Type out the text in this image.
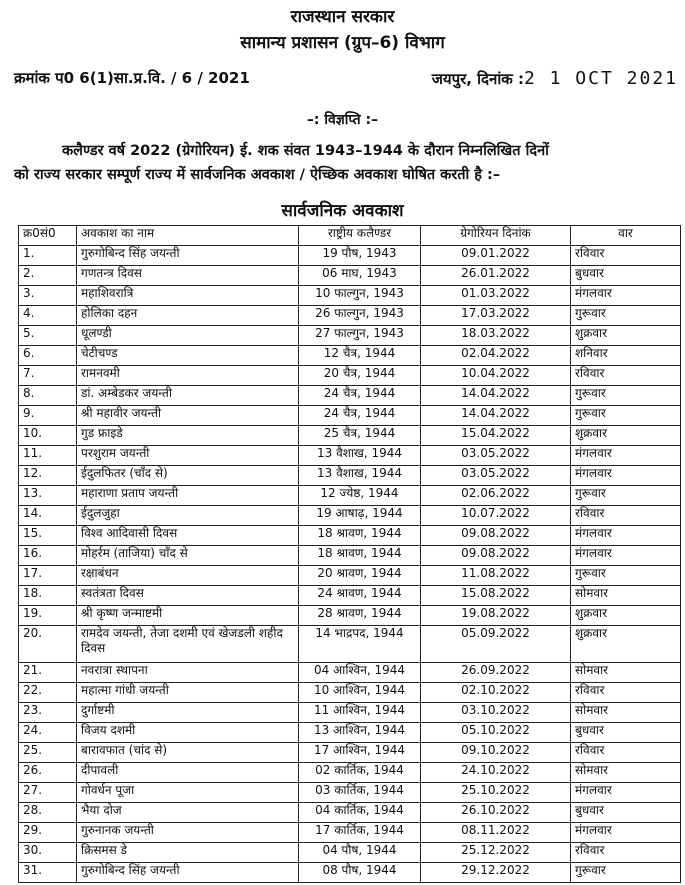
राजस्थान सरकार
सामान्य प्रशासन (ग्रुप–6) विभाग
क्रमांक प0 6(1)सा.प्र.वि. / 6 / 2021	जयपुर, दिनांक :2 1 OCT 2021
–: विज्ञप्ति :–
कलैण्डर वर्ष 2022 (ग्रेगोरियन) ई. शक संवत 1943–1944 के दौरान निम्नलिखित दिनों
को राज्य सरकार सम्पूर्ण राज्य में सार्वजनिक अवकाश / ऐच्छिक अवकाश घोषित करती है :–
सार्वजनिक अवकाश
क्र0सं0	अवकाश का नाम	राष्ट्रीय कलैण्डर	ग्रेगोरियन दिनांक	वार
1.	गुरुगोबिन्द सिंह जयन्ती	19 पौष, 1943	09.01.2022	रविवार
2.	गणतन्त्र दिवस	06 माघ, 1943	26.01.2022	बुधवार
3.	महाशिवरात्रि	10 फाल्गुन, 1943	01.03.2022	मंगलवार
4.	होलिका दहन	26 फाल्गुन, 1943	17.03.2022	गुरूवार
5.	धूलण्डी	27 फाल्गुन, 1943	18.03.2022	शुक्रवार
6.	चेटीचण्ड	12 चैत्र, 1944	02.04.2022	शनिवार
7.	रामनवमी	20 चैत्र, 1944	10.04.2022	रविवार
8.	डां. अम्बेडकर जयन्ती	24 चैत्र, 1944	14.04.2022	गुरूवार
9.	श्री महावीर जयन्ती	24 चैत्र, 1944	14.04.2022	गुरूवार
10.	गुड फ्राइडे	25 चैत्र, 1944	15.04.2022	शुक्रवार
11.	परशुराम जयन्ती	13 वैशाख, 1944	03.05.2022	मंगलवार
12.	ईदुलफितर (चाँद से)	13 वैशाख, 1944	03.05.2022	मंगलवार
13.	महाराणा प्रताप जयन्ती	12 ज्येष्ठ, 1944	02.06.2022	गुरूवार
14.	ईदुलजुहा	19 आषाढ़, 1944	10.07.2022	रविवार
15.	विश्व आदिवासी दिवस	18 श्रावण, 1944	09.08.2022	मंगलवार
16.	मोहर्रम (ताजिया) चाँद से	18 श्रावण, 1944	09.08.2022	मंगलवार
17.	रक्षाबंधन	20 श्रावण, 1944	11.08.2022	गुरूवार
18.	स्वतंत्रता दिवस	24 श्रावण, 1944	15.08.2022	सोमवार
19.	श्री कृष्ण जन्माष्टमी	28 श्रावण, 1944	19.08.2022	शुक्रवार
20.	रामदेव जयन्ती, तेजा दशमी एवं खेजडली शहीद दिवस	14 भाद्रपद, 1944	05.09.2022	शुक्रवार
21.	नवरात्रा स्थापना	04 आश्विन, 1944	26.09.2022	सोमवार
22.	महात्मा गांधी जयन्ती	10 आश्विन, 1944	02.10.2022	रविवार
23.	दुर्गाष्टमी	11 आश्विन, 1944	03.10.2022	सोमवार
24.	विजय दशमी	13 आश्विन, 1944	05.10.2022	बुधवार
25.	बारावफात (चांद से)	17 आश्विन, 1944	09.10.2022	रविवार
26.	दीपावली	02 कार्तिक, 1944	24.10.2022	सोमवार
27.	गोवर्धन पूजा	03 कार्तिक, 1944	25.10.2022	मंगलवार
28.	भैया दोज	04 कार्तिक, 1944	26.10.2022	बुधवार
29.	गुरुनानक जयन्ती	17 कार्तिक, 1944	08.11.2022	मंगलवार
30.	क्रिसमस डे	04 पौष, 1944	25.12.2022	रविवार
31.	गुरुगोबिन्द सिंह जयन्ती	08 पौष, 1944	29.12.2022	गुरूवार
